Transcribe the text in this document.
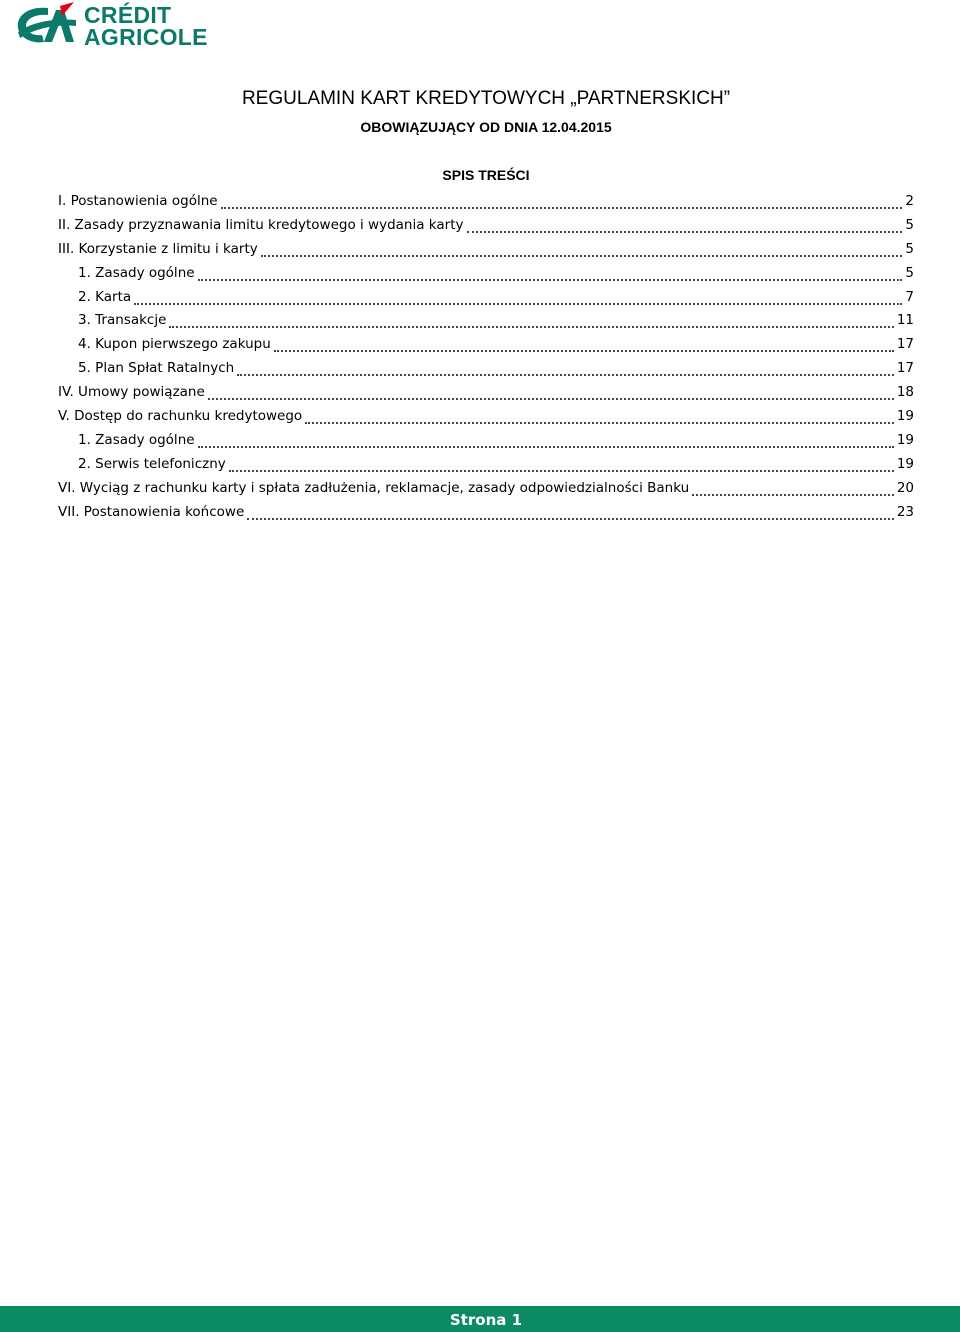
CRÉDIT
AGRICOLE
REGULAMIN KART KREDYTOWYCH „PARTNERSKICH”

OBOWIĄZUJĄCY OD DNIA 12.04.2015

SPIS TREŚCI

I. Postanowienia ogólne	2
II. Zasady przyznawania limitu kredytowego i wydania karty	5
III. Korzystanie z limitu i karty	5
1. Zasady ogólne	5
2. Karta	7
3. Transakcje	11
4. Kupon pierwszego zakupu	17
5. Plan Spłat Ratalnych	17
IV. Umowy powiązane	18
V. Dostęp do rachunku kredytowego	19
1. Zasady ogólne	19
2. Serwis telefoniczny	19
VI. Wyciąg z rachunku karty i spłata zadłużenia, reklamacje, zasady odpowiedzialności Banku	20
VII. Postanowienia końcowe	23
Strona 1
